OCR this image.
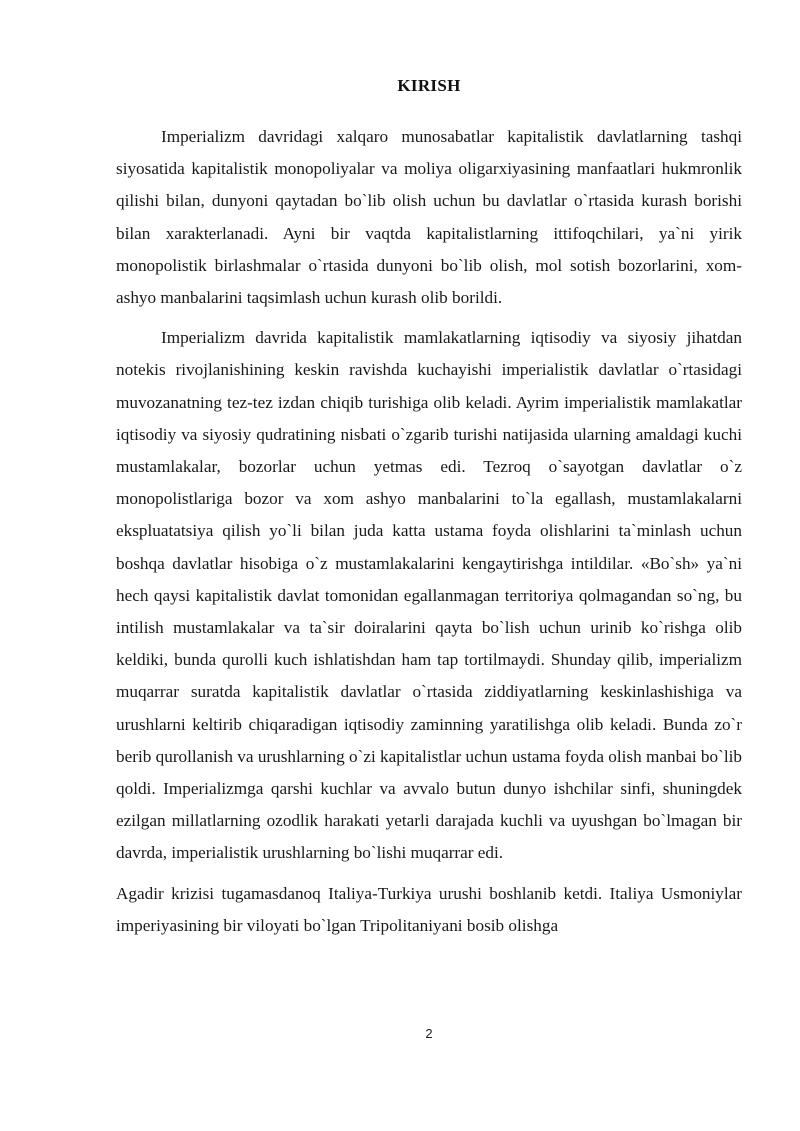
KIRISH

Imperializm davridagi xalqaro munosabatlar kapitalistik davlatlarning tashqi siyosatida kapitalistik monopoliyalar va moliya oligarxiyasining manfaatlari hukmronlik qilishi bilan, dunyoni qaytadan bo`lib olish uchun bu davlatlar o`rtasida kurash borishi bilan xarakterlanadi. Ayni bir vaqtda kapitalistlarning ittifoqchilari, ya`ni yirik monopolistik birlashmalar o`rtasida dunyoni bo`lib olish, mol sotish bozorlarini, xom-ashyo manbalarini taqsimlash uchun kurash olib borildi.

Imperializm davrida kapitalistik mamlakatlarning iqtisodiy va siyosiy jihatdan notekis rivojlanishining keskin ravishda kuchayishi imperialistik davlatlar o`rtasidagi muvozanatning tez-tez izdan chiqib turishiga olib keladi. Ayrim imperialistik mamlakatlar iqtisodiy va siyosiy qudratining nisbati o`zgarib turishi natijasida ularning amaldagi kuchi mustamlakalar, bozorlar uchun yetmas edi. Tezroq o`sayotgan davlatlar o`z monopolistlariga bozor va xom ashyo manbalarini to`la egallash, mustamlakalarni ekspluatatsiya qilish yo`li bilan juda katta ustama foyda olishlarini ta`minlash uchun boshqa davlatlar hisobiga o`z mustamlakalarini kengaytirishga intildilar. «Bo`sh» ya`ni hech qaysi kapitalistik davlat tomonidan egallanmagan territoriya qolmagandan so`ng, bu intilish mustamlakalar va ta`sir doiralarini qayta bo`lish uchun urinib ko`rishga olib keldiki, bunda qurolli kuch ishlatishdan ham tap tortilmaydi. Shunday qilib, imperializm muqarrar suratda kapitalistik davlatlar o`rtasida ziddiyatlarning keskinlashishiga va urushlarni keltirib chiqaradigan iqtisodiy zaminning yaratilishga olib keladi. Bunda zo`r berib qurollanish va urushlarning o`zi kapitalistlar uchun ustama foyda olish manbai bo`lib qoldi. Imperializmga qarshi kuchlar va avvalo butun dunyo ishchilar sinfi, shuningdek ezilgan millatlarning ozodlik harakati yetarli darajada kuchli va uyushgan bo`lmagan bir davrda, imperialistik urushlarning bo`lishi muqarrar edi.

Agadir krizisi tugamasdanoq Italiya-Turkiya urushi boshlanib ketdi. Italiya Usmoniylar imperiyasining bir viloyati bo`lgan Tripolitaniyani bosib olishga

2
